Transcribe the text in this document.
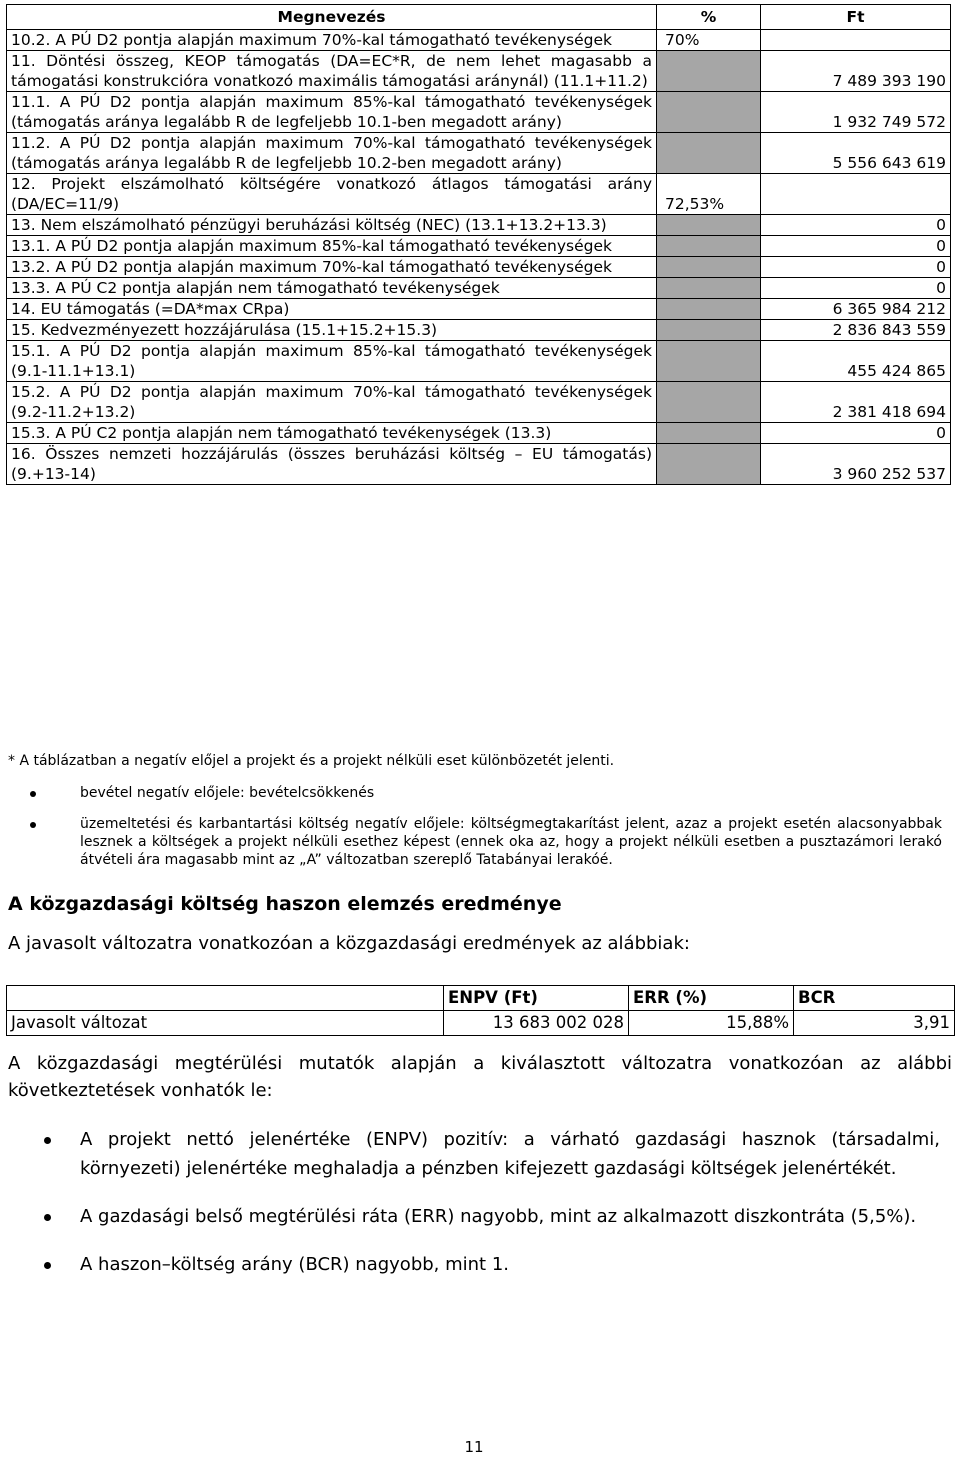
Megnevezés	%	Ft
10.2. A PÚ D2 pontja alapján maximum 70%-kal támogatható tevékenységek	70%	
11. Döntési összeg, KEOP támogatás (DA=EC*R, de nem lehet magasabb a támogatási konstrukcióra vonatkozó maximális támogatási aránynál) (11.1+11.2)		7 489 393 190
11.1. A PÚ D2 pontja alapján maximum 85%-kal támogatható tevékenységek (támogatás aránya legalább R de legfeljebb 10.1-ben megadott arány)		1 932 749 572
11.2. A PÚ D2 pontja alapján maximum 70%-kal támogatható tevékenységek (támogatás aránya legalább R de legfeljebb 10.2-ben megadott arány)		5 556 643 619
12. Projekt elszámolható költségére vonatkozó átlagos támogatási arány (DA/EC=11/9)	72,53%	
13. Nem elszámolható pénzügyi beruházási költség (NEC) (13.1+13.2+13.3)		0
13.1. A PÚ D2 pontja alapján maximum 85%-kal támogatható tevékenységek		0
13.2. A PÚ D2 pontja alapján maximum 70%-kal támogatható tevékenységek		0
13.3. A PÚ C2 pontja alapján nem támogatható tevékenységek		0
14. EU támogatás (=DA*max CRpa)		6 365 984 212
15. Kedvezményezett hozzájárulása (15.1+15.2+15.3)		2 836 843 559
15.1. A PÚ D2 pontja alapján maximum 85%-kal támogatható tevékenységek (9.1-11.1+13.1)		455 424 865
15.2. A PÚ D2 pontja alapján maximum 70%-kal támogatható tevékenységek (9.2-11.2+13.2)		2 381 418 694
15.3. A PÚ C2 pontja alapján nem támogatható tevékenységek (13.3)		0
16. Összes nemzeti hozzájárulás (összes beruházási költség – EU támogatás) (9.+13-14)		3 960 252 537
* A táblázatban a negatív előjel a projekt és a projekt nélküli eset különbözetét jelenti.
bevétel negatív előjele: bevételcsökkenés
üzemeltetési és karbantartási költség negatív előjele: költségmegtakarítást jelent, azaz a projekt esetén alacsonyabbak lesznek a költségek a projekt nélküli esethez képest (ennek oka az, hogy a projekt nélküli esetben a pusztazámori lerakó átvételi ára magasabb mint az „A” változatban szereplő Tatabányai lerakóé.
A közgazdasági költség haszon elemzés eredménye
A javasolt változatra vonatkozóan a közgazdasági eredmények az alábbiak:
	ENPV (Ft)	ERR (%)	BCR
Javasolt változat	13 683 002 028	15,88%	3,91
A közgazdasági megtérülési mutatók alapján a kiválasztott változatra vonatkozóan az alábbi következtetések vonhatók le:
A projekt nettó jelenértéke (ENPV) pozitív: a várható gazdasági hasznok (társadalmi, környezeti) jelenértéke meghaladja a pénzben kifejezett gazdasági költségek jelenértékét.
A gazdasági belső megtérülési ráta (ERR) nagyobb, mint az alkalmazott diszkontráta (5,5%).
A haszon–költség arány (BCR) nagyobb, mint 1.
11
